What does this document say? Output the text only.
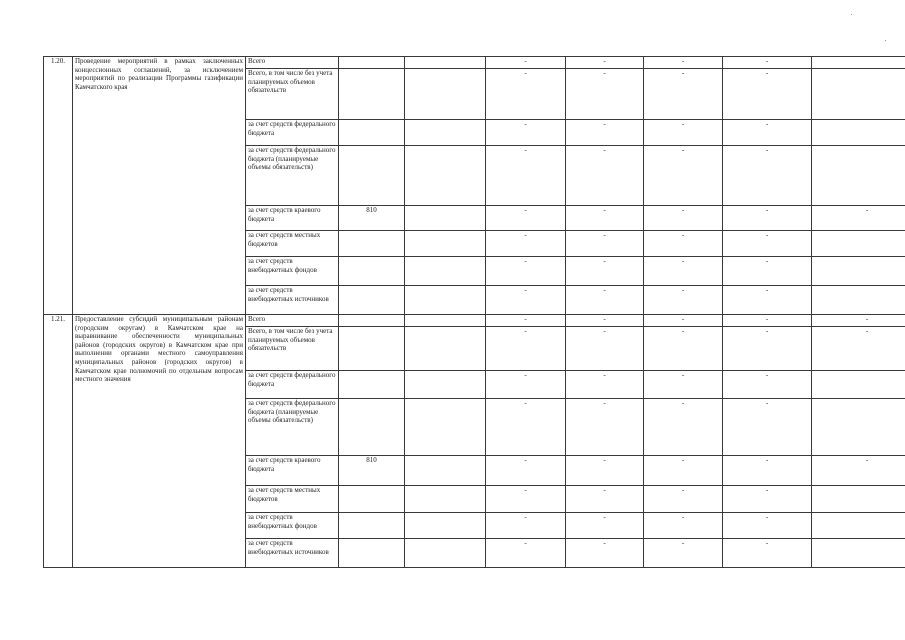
1.20.	Проведение мероприятий в рамках заключенных концессионных соглашений, за исключением мероприятий по реализации Программы газификации Камчатского края	Всего			-	-	-	-	
		Всего, в том числе без учета планируемых объемов обязательств			-	-	-	-	
		за счет средств федерального бюджета			-	-	-	-	
		за счет средств федерального бюджета (планируемые объемы обязательств)			-	-	-	-	
		за счет средств краевого бюджета	810		-	-	-	-	-
		за счет средств местных бюджетов			-	-	-	-	
		за счет средств внебюджетных фондов			-	-	-	-	
		за счет средств внебюджетных источников			-	-	-	-	
1.21.	Предоставление субсидий муниципальным районам (городским округам) в Камчатском крае на выравнивание обеспеченности муниципальных районов (городских округов) в Камчатском крае при выполнении органами местного самоуправления муниципальных районов (городских округов) в Камчатском крае полномочий по отдельным вопросам местного значения	Всего			-	-	-	-	-
		Всего, в том числе без учета планируемых объемов обязательств			-	-	-	-	-
		за счет средств федерального бюджета			-	-	-	-	
		за счет средств федерального бюджета (планируемые объемы обязательств)			-	-	-	-	
		за счет средств краевого бюджета	810		-	-	-	-	-
		за счет средств местных бюджетов			-	-	-	-	
		за счет средств внебюджетных фондов			-	-	-	-	
		за счет средств внебюджетных источников			-	-	-	-	
